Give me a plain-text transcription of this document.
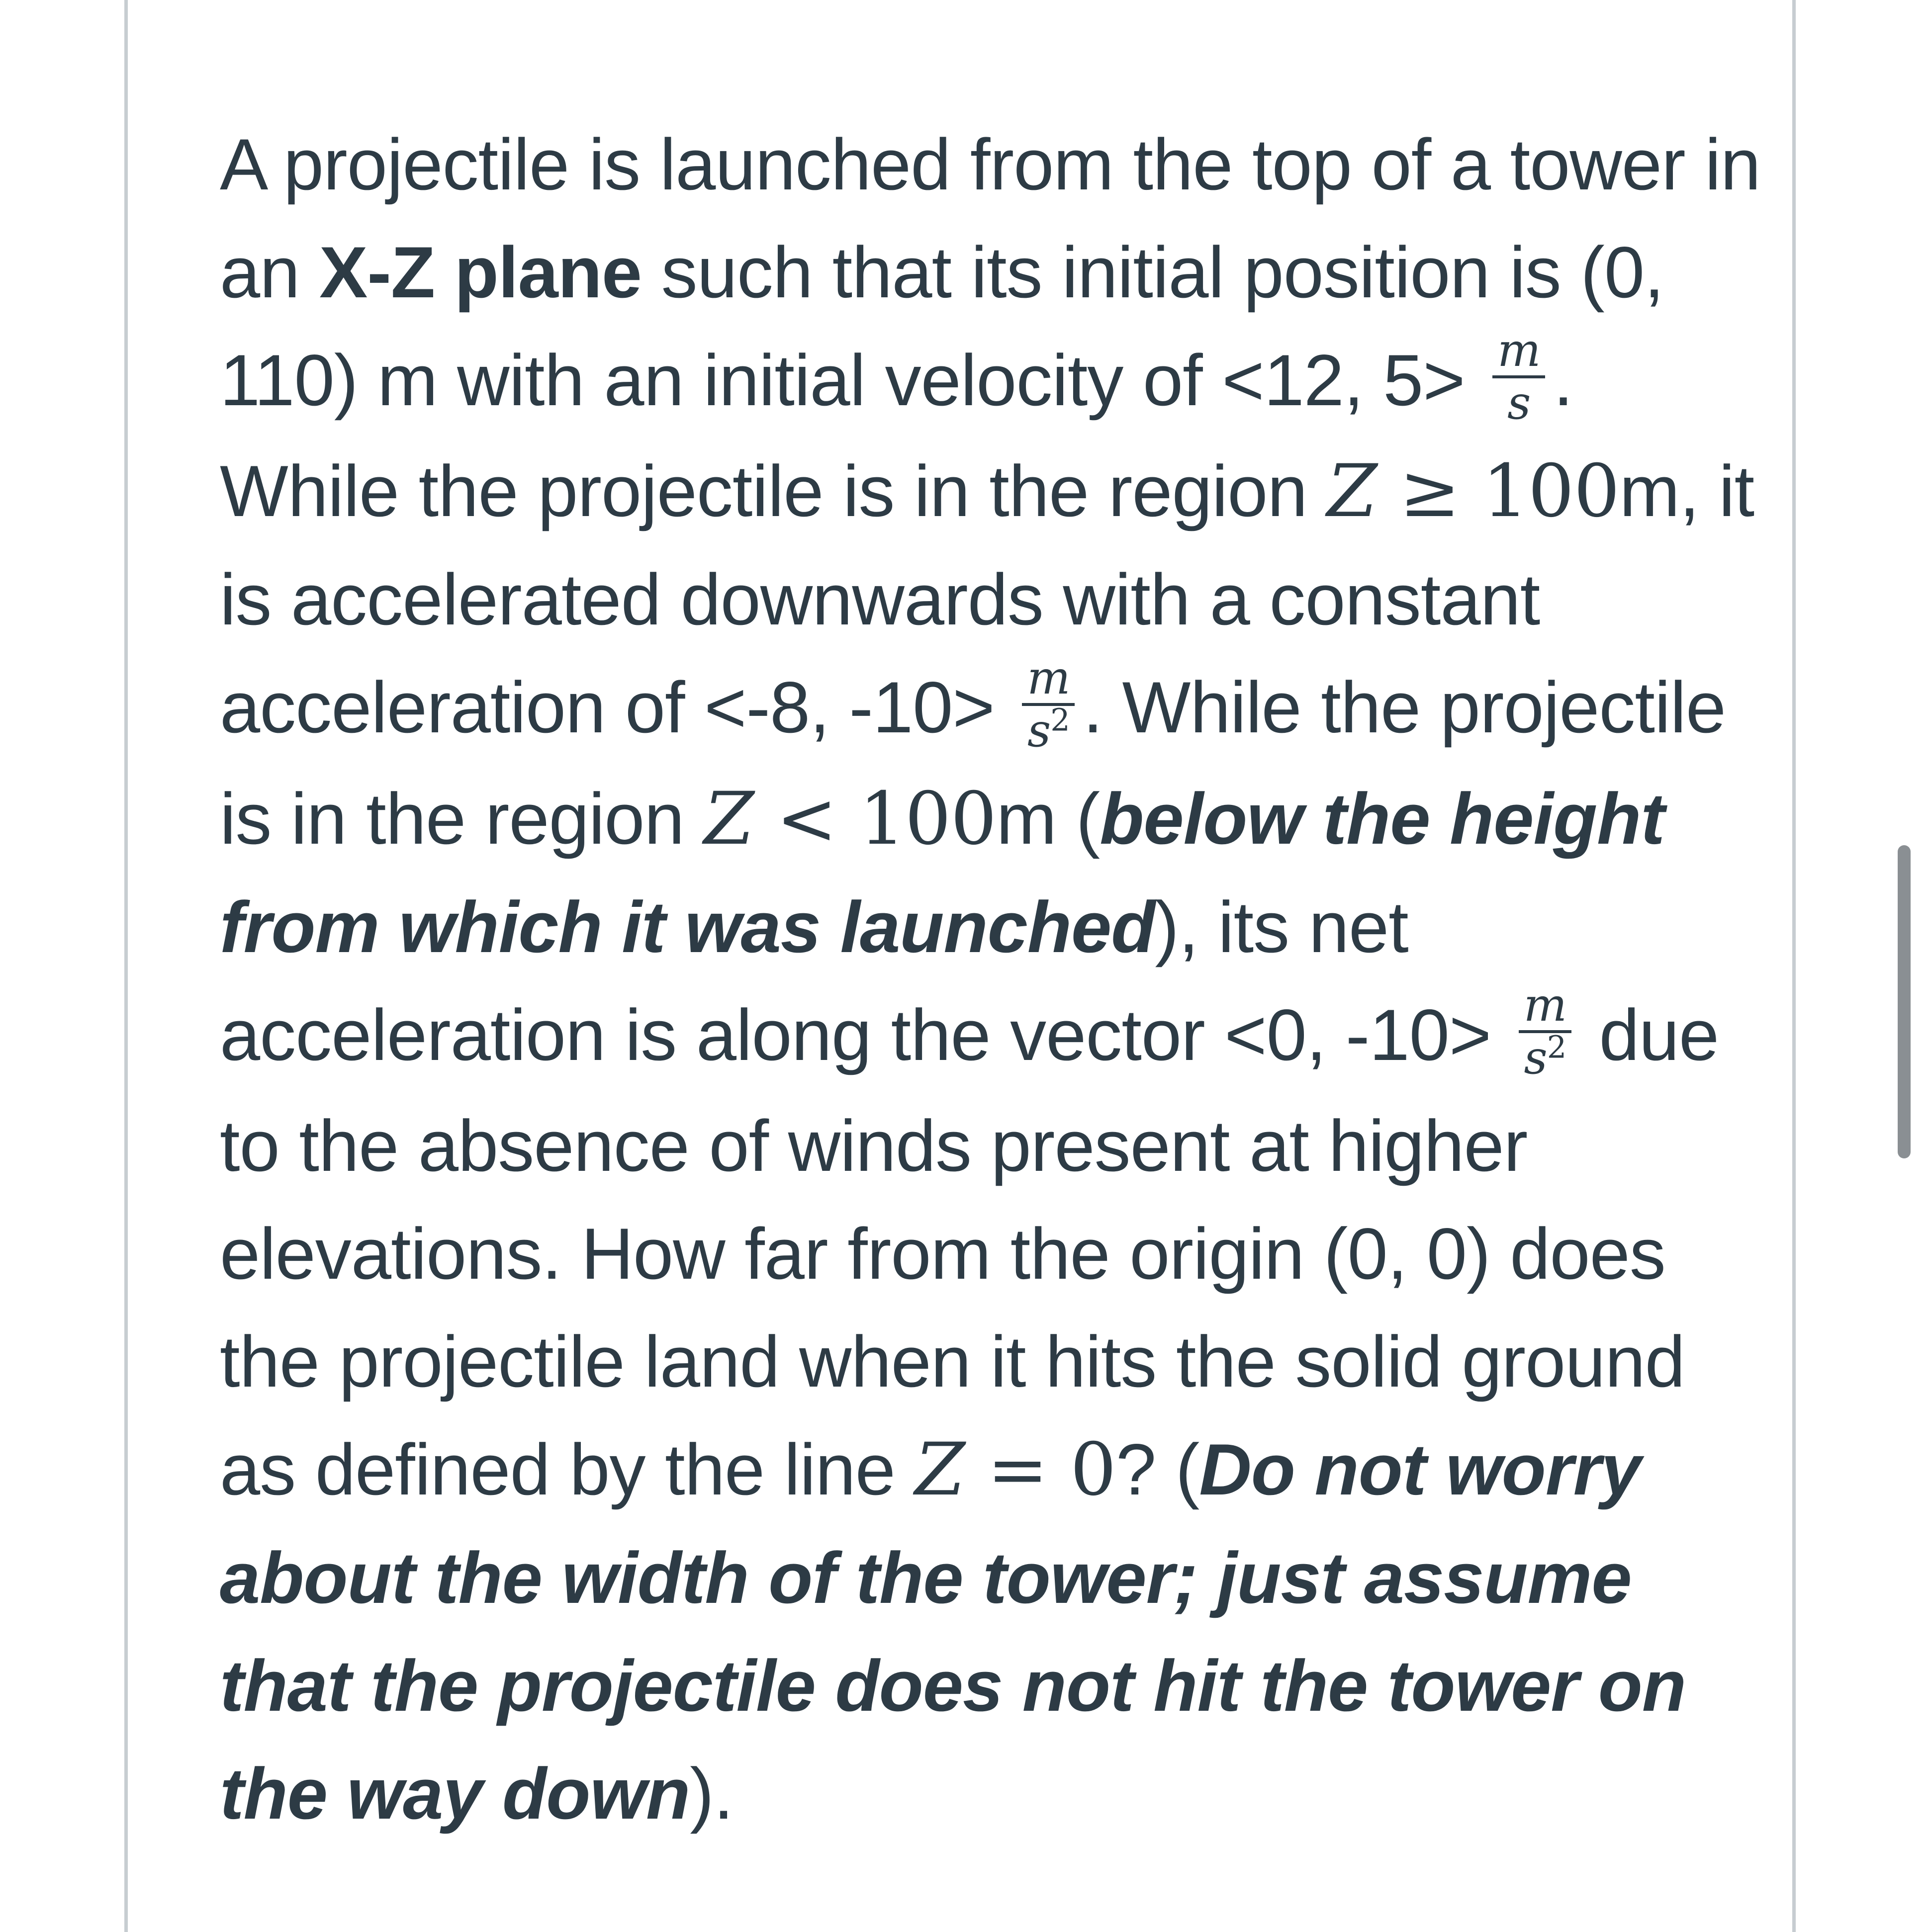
A projectile is launched from the top of a tower in an X-Z plane such that its initial position is (0, 110) m with an initial velocity of <12, $5> \frac{m}{s}$ . While the projectile is in the region Z ≥ 100m, it is accelerated downwards with a constant acceleration of <-8, $-10> \frac{m}{s^2}$ . While the projectile is in the region Z < 100m (below the height from which it was launched), its net acceleration is along the vector <0, $-10> \frac{m}{s^2}$ due to the absence of winds present at higher elevations. How far from the origin (0, 0) does the projectile land when it hits the solid ground as defined by the line Z = 0? (Do not worry about the width of the tower; just assume that the projectile does not hit the tower on the way down).
